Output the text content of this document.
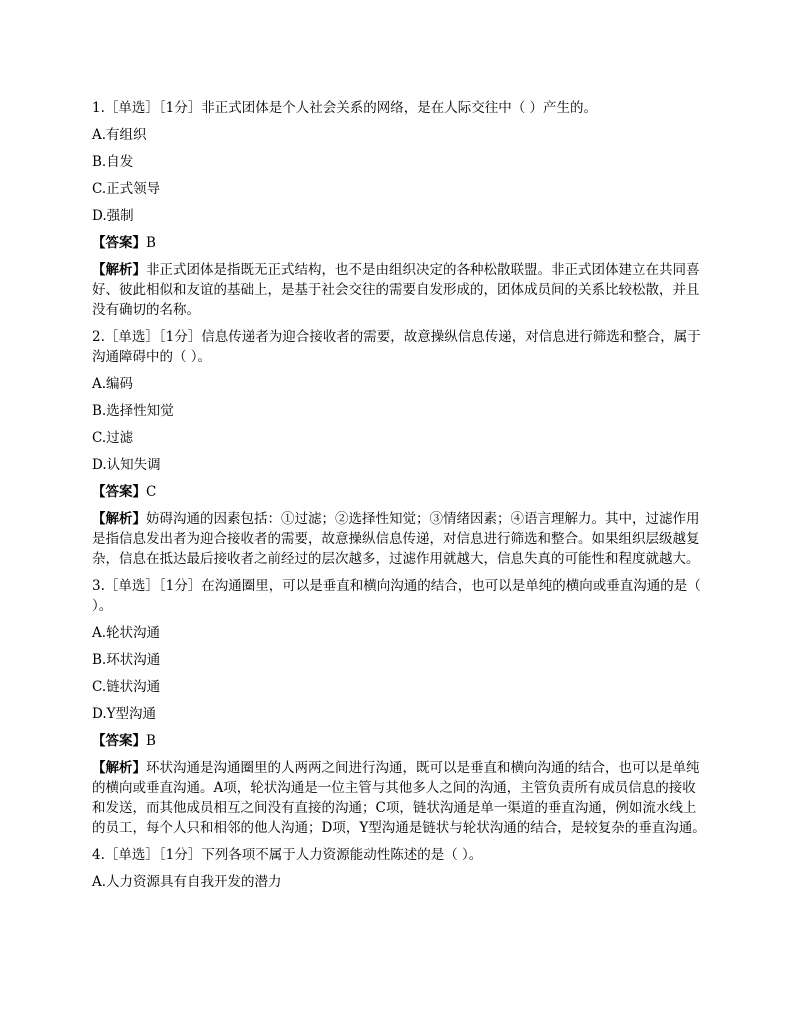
1.［单选］［1分］非正式团体是个人社会关系的网络，是在人际交往中（ ）产生的。
A.有组织
B.自发
C.正式领导
D.强制
【答案】B
【解析】非正式团体是指既无正式结构，也不是由组织决定的各种松散联盟。非正式团体建立在共同喜好、彼此相似和友谊的基础上，是基于社会交往的需要自发形成的，团体成员间的关系比较松散，并且没有确切的名称。
2.［单选］［1分］信息传递者为迎合接收者的需要，故意操纵信息传递，对信息进行筛选和整合，属于沟通障碍中的（ ）。
A.编码
B.选择性知觉
C.过滤
D.认知失调
【答案】C
【解析】妨碍沟通的因素包括：①过滤；②选择性知觉；③情绪因素；④语言理解力。其中，过滤作用是指信息发出者为迎合接收者的需要，故意操纵信息传递，对信息进行筛选和整合。如果组织层级越复杂，信息在抵达最后接收者之前经过的层次越多，过滤作用就越大，信息失真的可能性和程度就越大。
3.［单选］［1分］在沟通圈里，可以是垂直和横向沟通的结合，也可以是单纯的横向或垂直沟通的是（ ）。
A.轮状沟通
B.环状沟通
C.链状沟通
D.Y型沟通
【答案】B
【解析】环状沟通是沟通圈里的人两两之间进行沟通，既可以是垂直和横向沟通的结合，也可以是单纯的横向或垂直沟通。A项，轮状沟通是一位主管与其他多人之间的沟通，主管负责所有成员信息的接收和发送，而其他成员相互之间没有直接的沟通；C项，链状沟通是单一渠道的垂直沟通，例如流水线上的员工，每个人只和相邻的他人沟通；D项，Y型沟通是链状与轮状沟通的结合，是较复杂的垂直沟通。
4.［单选］［1分］下列各项不属于人力资源能动性陈述的是（ ）。
A.人力资源具有自我开发的潜力
